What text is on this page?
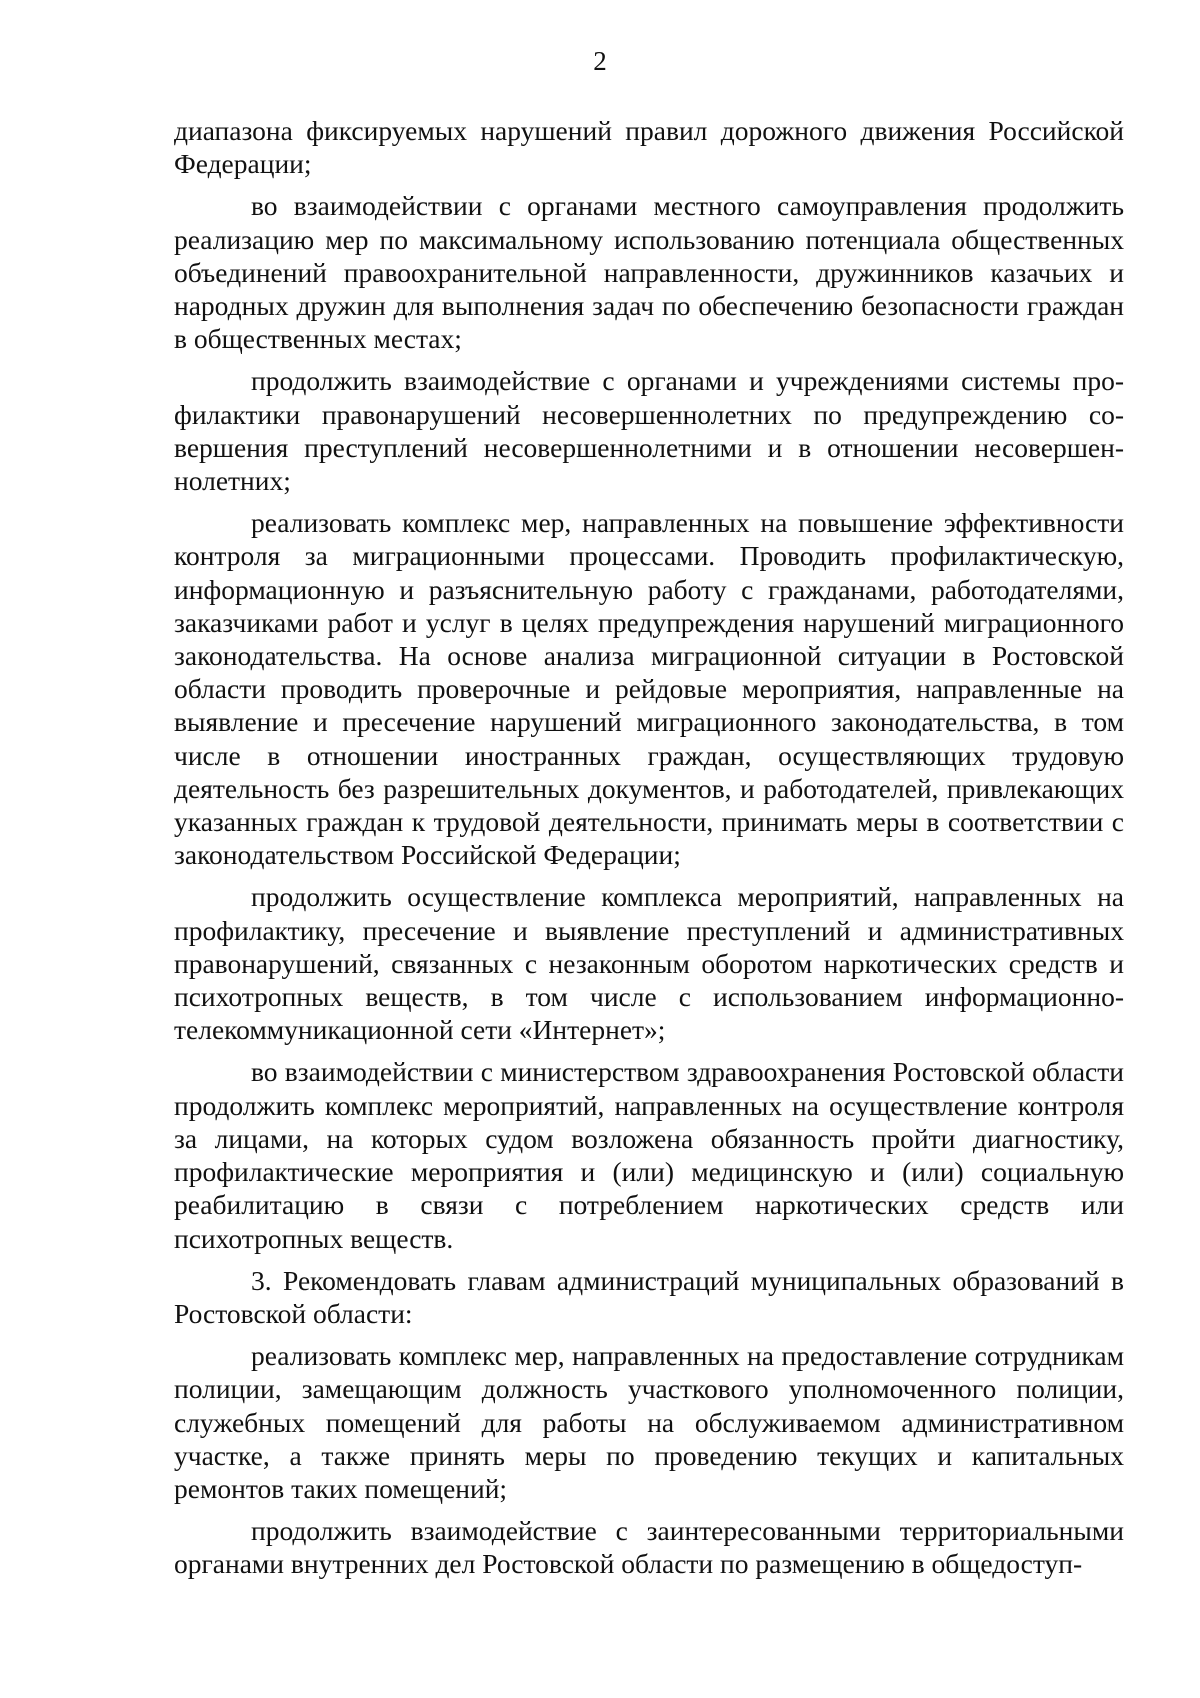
2

диапазона фиксируемых нарушений правил дорожного движения Российской Федерации;

во взаимодействии с органами местного самоуправления продолжить реализацию мер по максимальному использованию потенциала общественных объединений правоохранительной направленности, дружинников казачьих и народных дружин для выполнения задач по обеспечению безопасности граждан в общественных местах;

продолжить взаимодействие с органами и учреждениями системы профилактики правонарушений несовершеннолетних по предупреждению совершения преступлений несовершеннолетними и в отношении несовершеннолетних;

реализовать комплекс мер, направленных на повышение эффективности контроля за миграционными процессами. Проводить профилактическую, информационную и разъяснительную работу с гражданами, работодателями, заказчиками работ и услуг в целях предупреждения нарушений миграционного законодательства. На основе анализа миграционной ситуации в Ростовской области проводить проверочные и рейдовые мероприятия, направленные на выявление и пресечение нарушений миграционного законодательства, в том числе в отношении иностранных граждан, осуществляющих трудовую деятельность без разрешительных документов, и работодателей, привлекающих указанных граждан к трудовой деятельности, принимать меры в соответствии с законодательством Российской Федерации;

продолжить осуществление комплекса мероприятий, направленных на профилактику, пресечение и выявление преступлений и административных правонарушений, связанных с незаконным оборотом наркотических средств и психотропных веществ, в том числе с использованием информационно-телекоммуникационной сети «Интернет»;

во взаимодействии с министерством здравоохранения Ростовской области продолжить комплекс мероприятий, направленных на осуществление контроля за лицами, на которых судом возложена обязанность пройти диагностику, профилактические мероприятия и (или) медицинскую и (или) социальную реабилитацию в связи с потреблением наркотических средств или психотропных веществ.

3. Рекомендовать главам администраций муниципальных образований в Ростовской области:

реализовать комплекс мер, направленных на предоставление сотрудникам полиции, замещающим должность участкового уполномоченного полиции, служебных помещений для работы на обслуживаемом административном участке, а также принять меры по проведению текущих и капитальных ремонтов таких помещений;

продолжить взаимодействие с заинтересованными территориальными органами внутренних дел Ростовской области по размещению в общедоступ-
